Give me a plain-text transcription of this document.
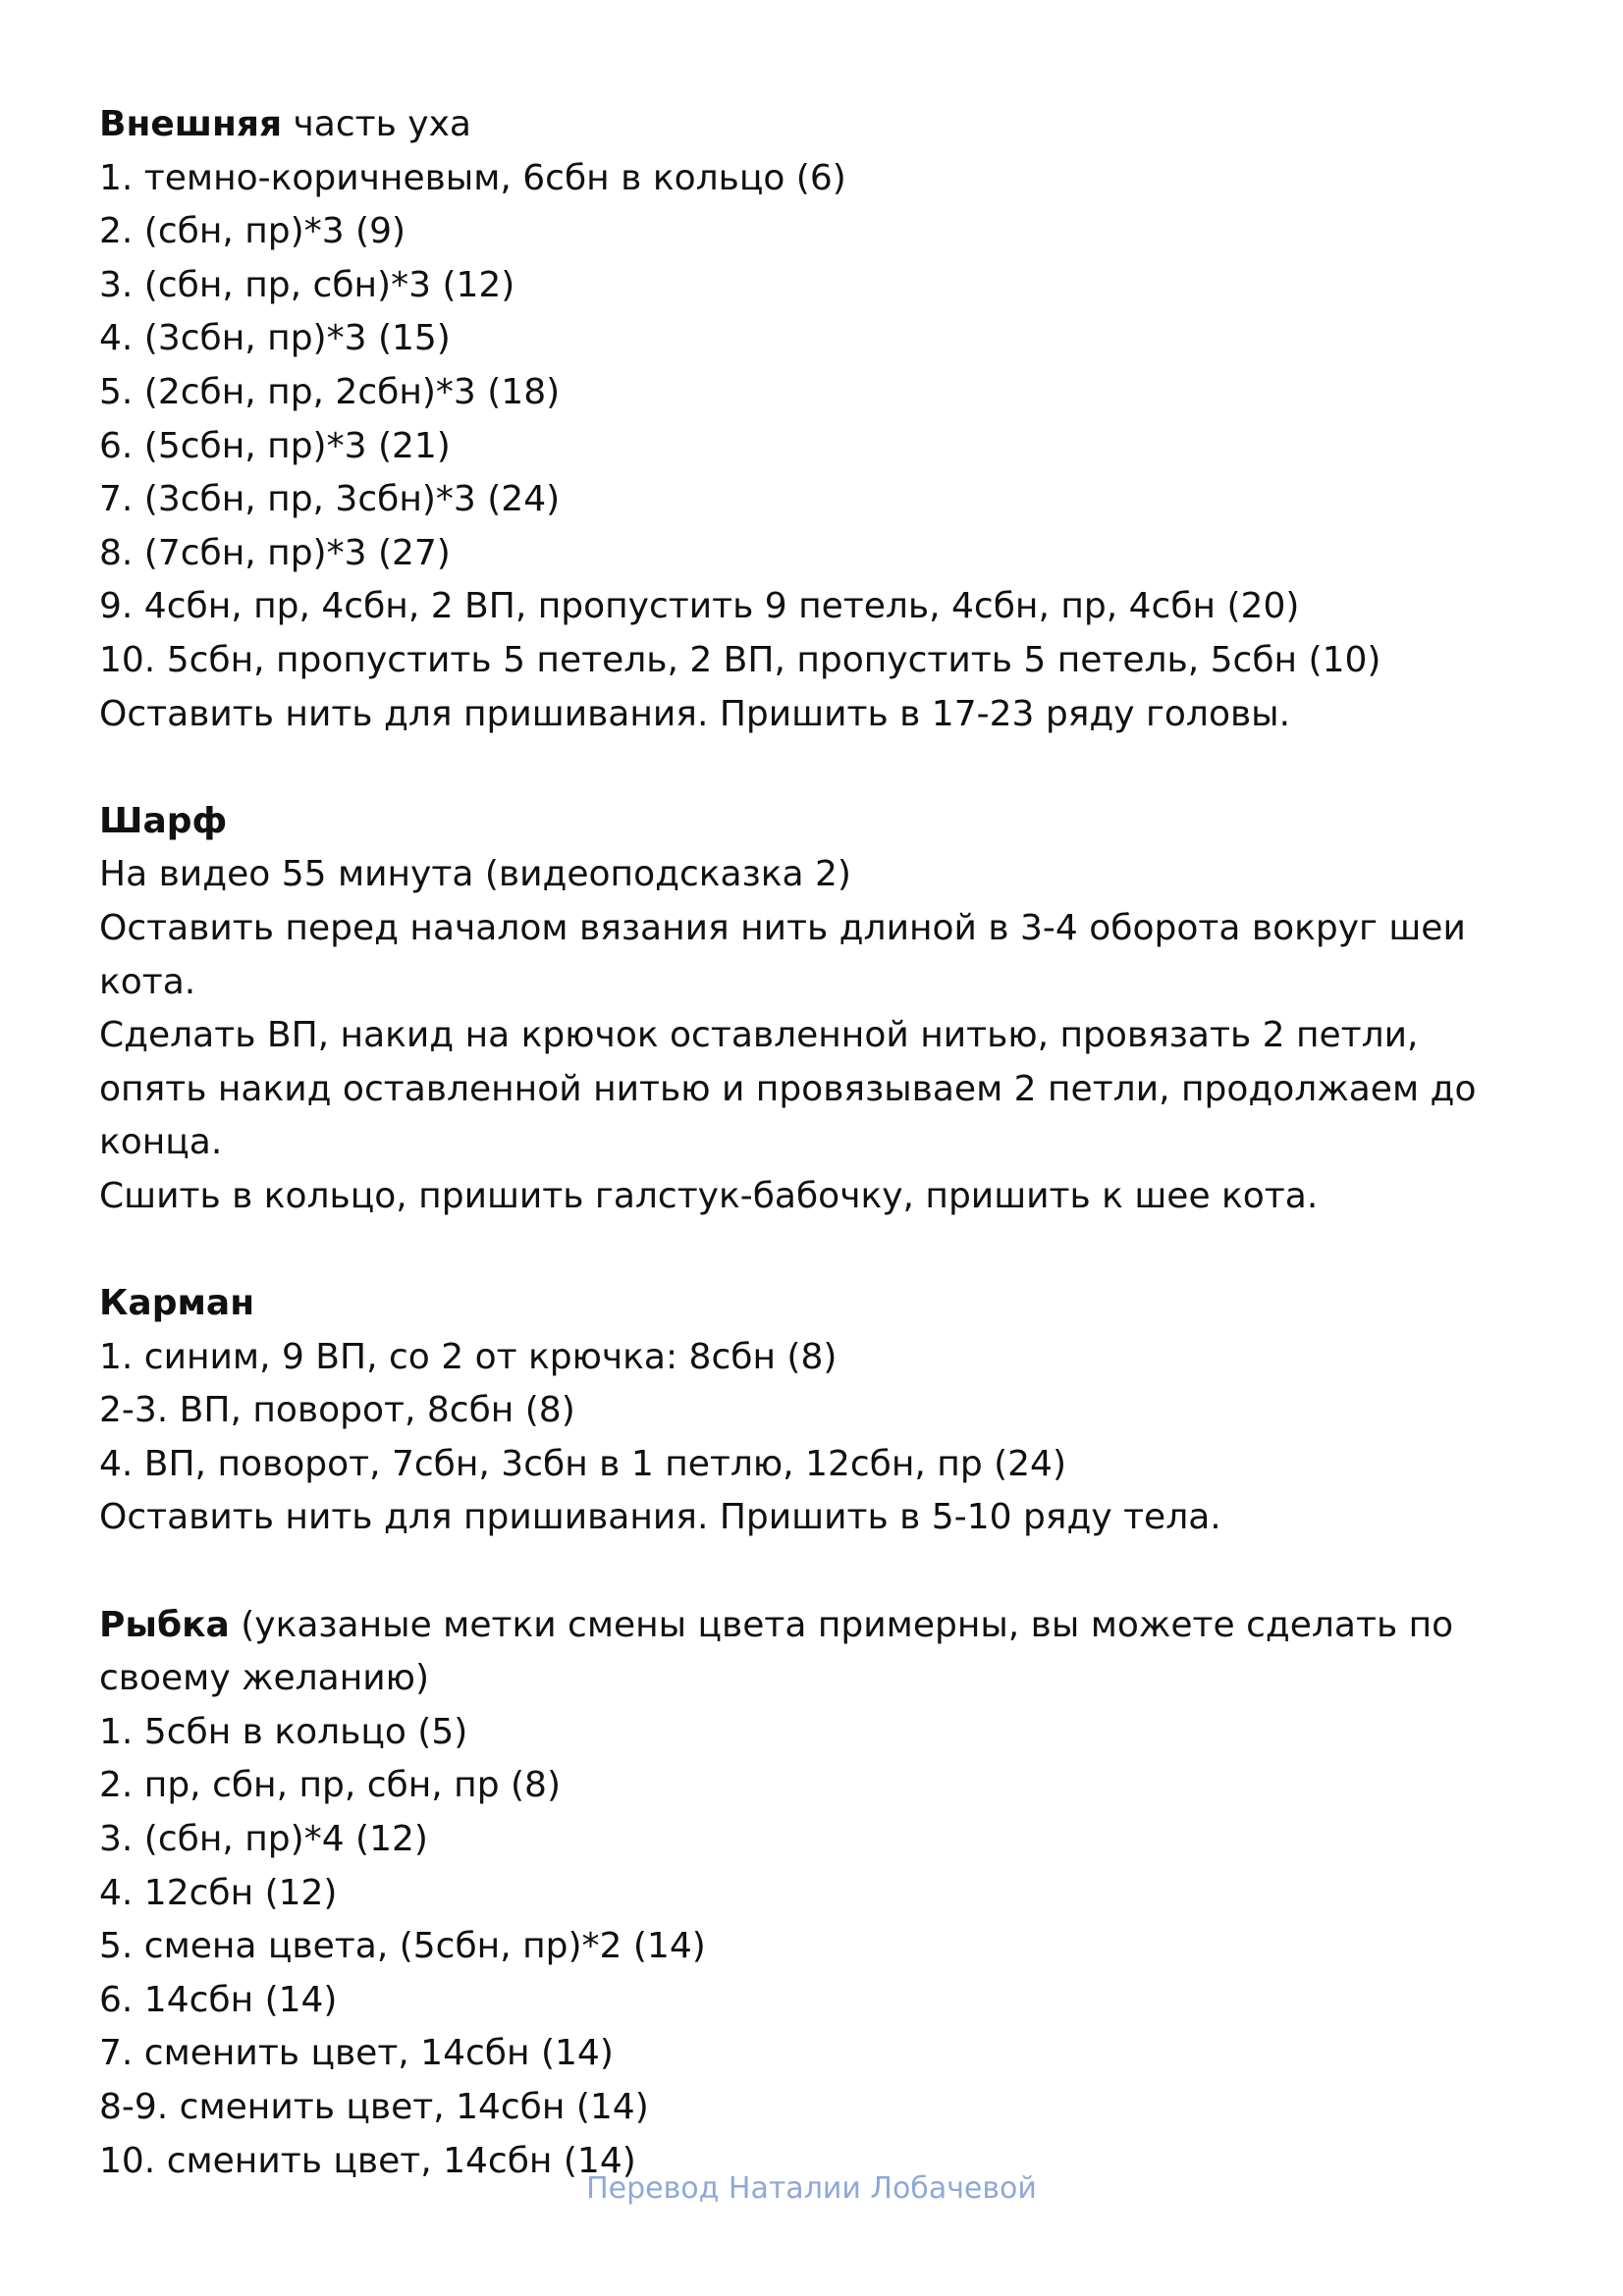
Внешняя часть уха
1. темно-коричневым, 6сбн в кольцо (6)
2. (сбн, пр)*3 (9)
3. (сбн, пр, сбн)*3 (12)
4. (3сбн, пр)*3 (15)
5. (2сбн, пр, 2сбн)*3 (18)
6. (5сбн, пр)*3 (21)
7. (3сбн, пр, 3сбн)*3 (24)
8. (7сбн, пр)*3 (27)
9. 4сбн, пр, 4сбн, 2 ВП, пропустить 9 петель, 4сбн, пр, 4сбн (20)
10. 5сбн, пропустить 5 петель, 2 ВП, пропустить 5 петель, 5сбн (10)
Оставить нить для пришивания. Пришить в 17-23 ряду головы.
Шарф
На видео 55 минута (видеоподсказка 2)
Оставить перед началом вязания нить длиной в 3-4 оборота вокруг шеи кота.
Сделать ВП, накид на крючок оставленной нитью, провязать 2 петли, опять накид оставленной нитью и провязываем 2 петли, продолжаем до конца.
Сшить в кольцо, пришить галстук-бабочку, пришить к шее кота.
Карман
1. синим, 9 ВП, со 2 от крючка: 8сбн (8)
2-3. ВП, поворот, 8сбн (8)
4. ВП, поворот, 7сбн, 3сбн в 1 петлю, 12сбн, пр (24)
Оставить нить для пришивания. Пришить в 5-10 ряду тела.
Рыбка (указаные метки смены цвета примерны, вы можете сделать по своему желанию)
1. 5сбн в кольцо (5)
2. пр, сбн, пр, сбн, пр (8)
3. (сбн, пр)*4 (12)
4. 12сбн (12)
5. смена цвета, (5сбн, пр)*2 (14)
6. 14сбн (14)
7. сменить цвет, 14сбн (14)
8-9. сменить цвет, 14сбн (14)
10. сменить цвет, 14сбн (14)
Перевод Наталии Лобачевой
